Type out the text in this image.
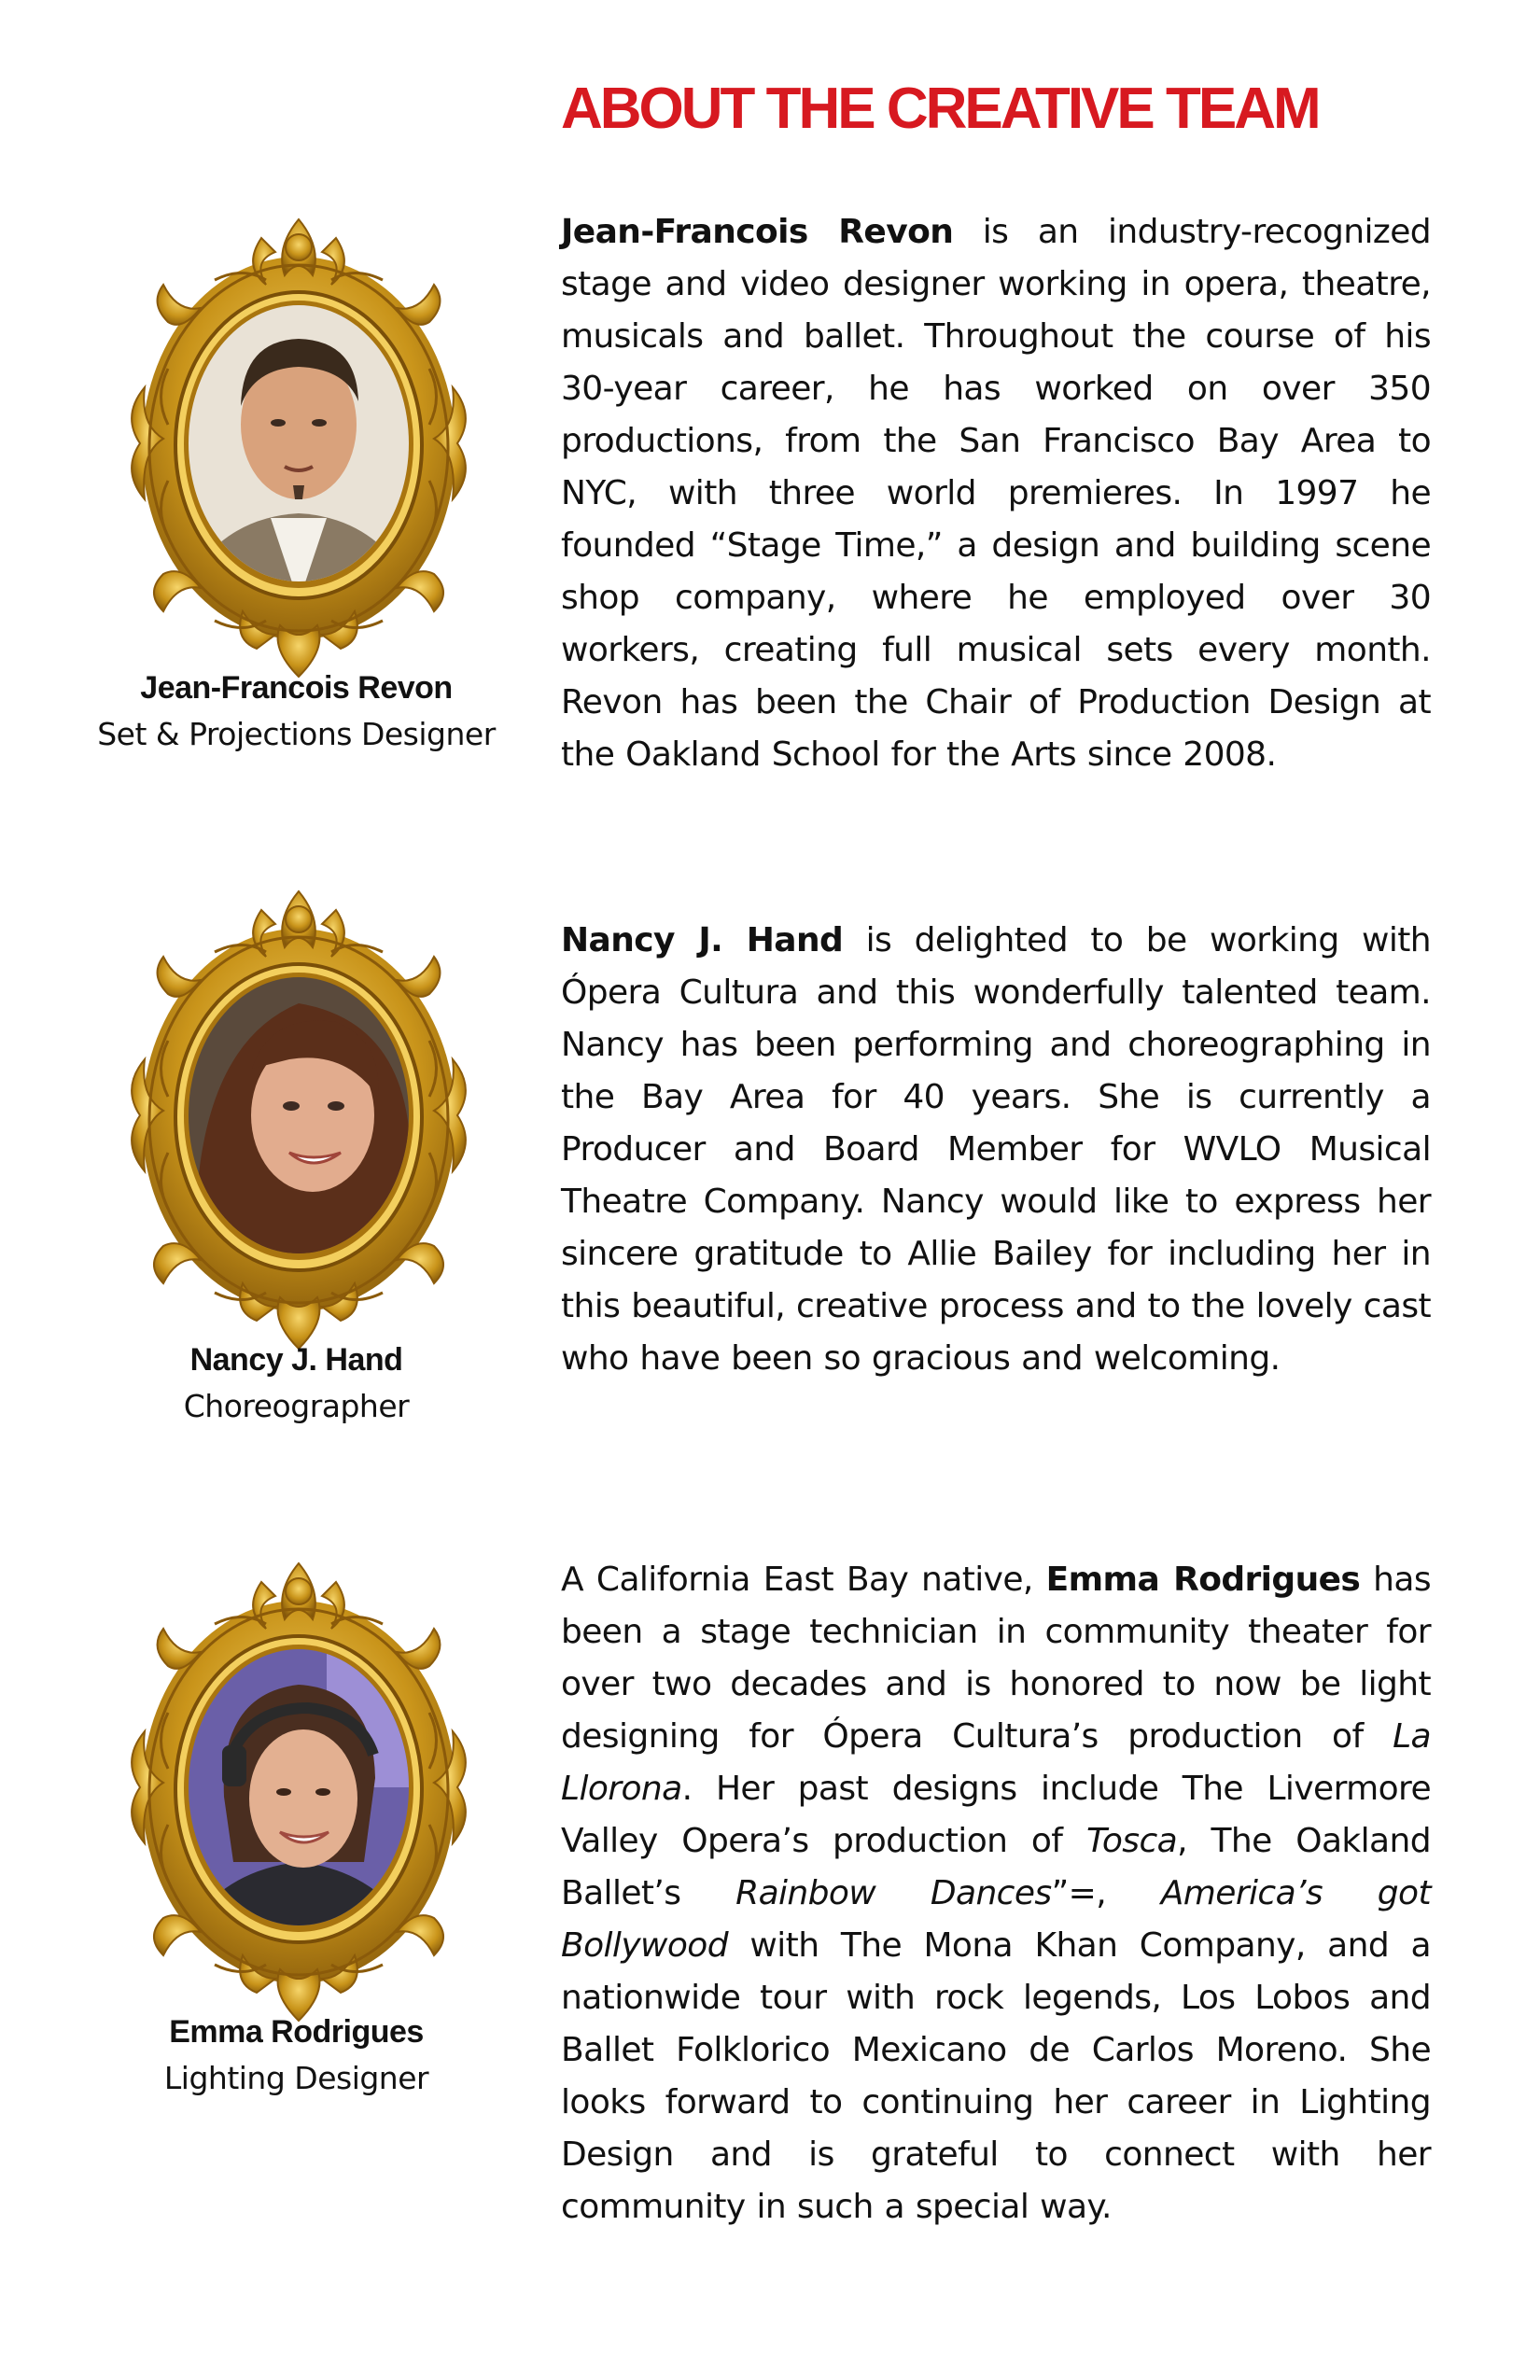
ABOUT THE CREATIVE TEAM
Jean-Francois Revon
Set & Projections Designer

Jean-Francois Revon is an industry-recognized stage and video designer working in opera, theatre, musicals and ballet. Throughout the course of his 30-year career, he has worked on over 350 productions, from the San Francisco Bay Area to NYC, with three world premieres. In 1997 he founded “Stage Time,” a design and building scene shop company, where he employed over 30 workers, creating full musical sets every month. Revon has been the Chair of Production Design at the Oakland School for the Arts since 2008.

Nancy J. Hand
Choreographer

Nancy J. Hand is delighted to be working with Ópera Cultura and this wonderfully talented team. Nancy has been performing and choreographing in the Bay Area for 40 years. She is currently a Producer and Board Member for WVLO Musical Theatre Company. Nancy would like to express her sincere gratitude to Allie Bailey for including her in this beautiful, creative process and to the lovely cast who have been so gracious and welcoming.

Emma Rodrigues
Lighting Designer

A California East Bay native, Emma Rodrigues has been a stage technician in community theater for over two decades and is honored to now be light designing for Ópera Cultura’s production of La Llorona. Her past designs include The Livermore Valley Opera’s production of Tosca, The Oakland Ballet’s Rainbow Dances”=, America’s got Bollywood with The Mona Khan Company, and a nationwide tour with rock legends, Los Lobos and Ballet Folklorico Mexicano de Carlos Moreno. She looks forward to continuing her career in Lighting Design and is grateful to connect with her community in such a special way.
